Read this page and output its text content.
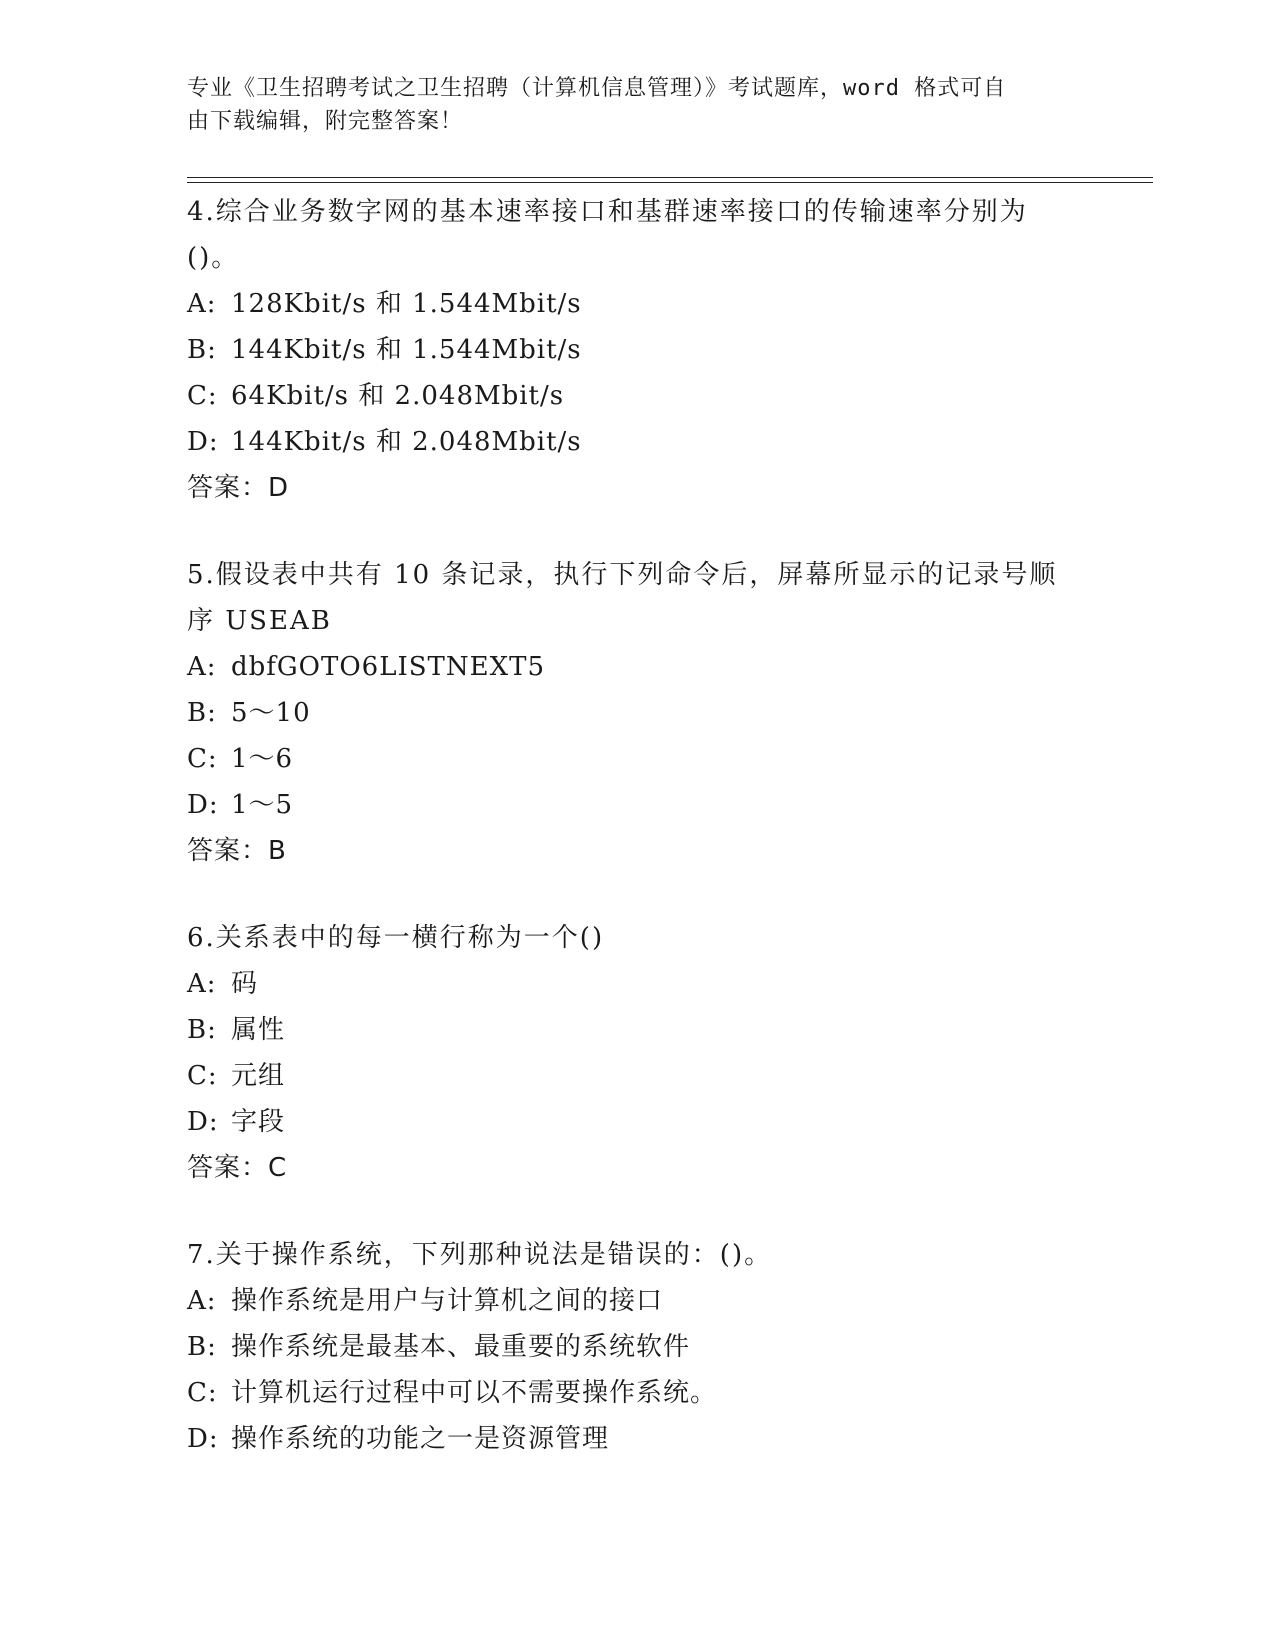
专业《卫生招聘考试之卫生招聘（计算机信息管理）》考试题库，word 格式可自
由下载编辑，附完整答案！

4.综合业务数字网的基本速率接口和基群速率接口的传输速率分别为

()。

A: 128Kbit/s 和 1.544Mbit/s

B: 144Kbit/s 和 1.544Mbit/s

C: 64Kbit/s 和 2.048Mbit/s

D: 144Kbit/s 和 2.048Mbit/s

答案：D

5.假设表中共有 10 条记录，执行下列命令后，屏幕所显示的记录号顺

序 USEAB

A: dbfGOTO6LISTNEXT5

B: 5～10

C: 1～6

D: 1～5

答案：B

6.关系表中的每一横行称为一个()

A: 码

B: 属性

C: 元组

D: 字段

答案：C

7.关于操作系统，下列那种说法是错误的：()。

A: 操作系统是用户与计算机之间的接口

B: 操作系统是最基本、最重要的系统软件

C: 计算机运行过程中可以不需要操作系统。

D: 操作系统的功能之一是资源管理
